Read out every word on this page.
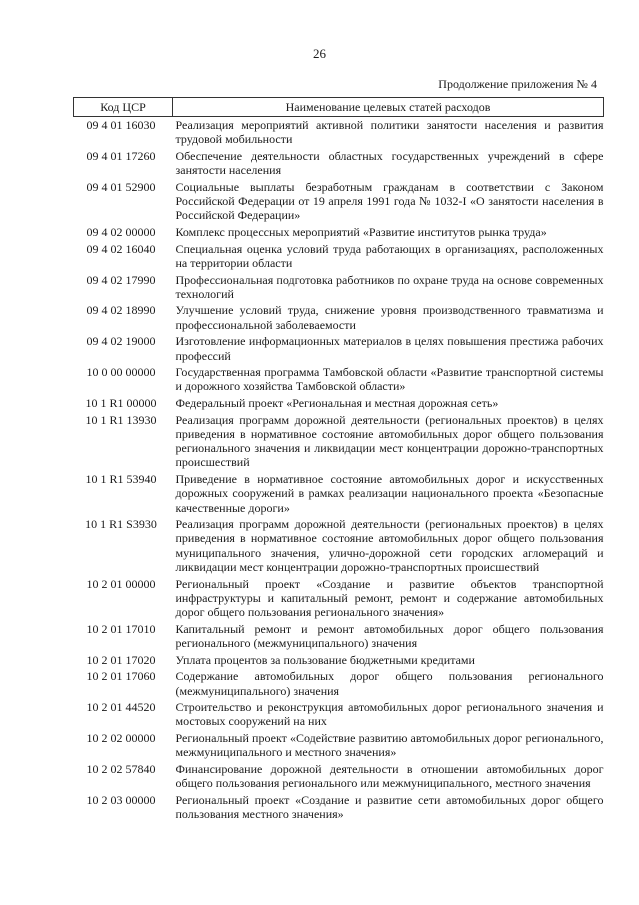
26
Продолжение приложения № 4
Код ЦСР	Наименование целевых статей расходов
09 4 01 16030	Реализация мероприятий активной политики занятости населения и развития трудовой мобильности
09 4 01 17260	Обеспечение деятельности областных государственных учреждений в сфере занятости населения
09 4 01 52900	Социальные выплаты безработным гражданам в соответствии с Законом Российской Федерации от 19 апреля 1991 года № 1032-I «О занятости населения в Российской Федерации»
09 4 02 00000	Комплекс процессных мероприятий «Развитие институтов рынка труда»
09 4 02 16040	Специальная оценка условий труда работающих в организациях, расположенных на территории области
09 4 02 17990	Профессиональная подготовка работников по охране труда на основе современных технологий
09 4 02 18990	Улучшение условий труда, снижение уровня производственного травматизма и профессиональной заболеваемости
09 4 02 19000	Изготовление информационных материалов в целях повышения престижа рабочих профессий
10 0 00 00000	Государственная программа Тамбовской области «Развитие транспортной системы и дорожного хозяйства Тамбовской области»
10 1 R1 00000	Федеральный проект «Региональная и местная дорожная сеть»
10 1 R1 13930	Реализация программ дорожной деятельности (региональных проектов) в целях приведения в нормативное состояние автомобильных дорог общего пользования регионального значения и ликвидации мест концентрации дорожно-транспортных происшествий
10 1 R1 53940	Приведение в нормативное состояние автомобильных дорог и искусственных дорожных сооружений в рамках реализации национального проекта «Безопасные качественные дороги»
10 1 R1 S3930	Реализация программ дорожной деятельности (региональных проектов) в целях приведения в нормативное состояние автомобильных дорог общего пользования муниципального значения, улично-дорожной сети городских агломераций и ликвидации мест концентрации дорожно-транспортных происшествий
10 2 01 00000	Региональный проект «Создание и развитие объектов транспортной инфраструктуры и капитальный ремонт, ремонт и содержание автомобильных дорог общего пользования регионального значения»
10 2 01 17010	Капитальный ремонт и ремонт автомобильных дорог общего пользования регионального (межмуниципального) значения
10 2 01 17020	Уплата процентов за пользование бюджетными кредитами
10 2 01 17060	Содержание автомобильных дорог общего пользования регионального (межмуниципального) значения
10 2 01 44520	Строительство и реконструкция автомобильных дорог регионального значения и мостовых сооружений на них
10 2 02 00000	Региональный проект «Содействие развитию автомобильных дорог регионального, межмуниципального и местного значения»
10 2 02 57840	Финансирование дорожной деятельности в отношении автомобильных дорог общего пользования регионального или межмуниципального, местного значения
10 2 03 00000	Региональный проект «Создание и развитие сети автомобильных дорог общего пользования местного значения»
